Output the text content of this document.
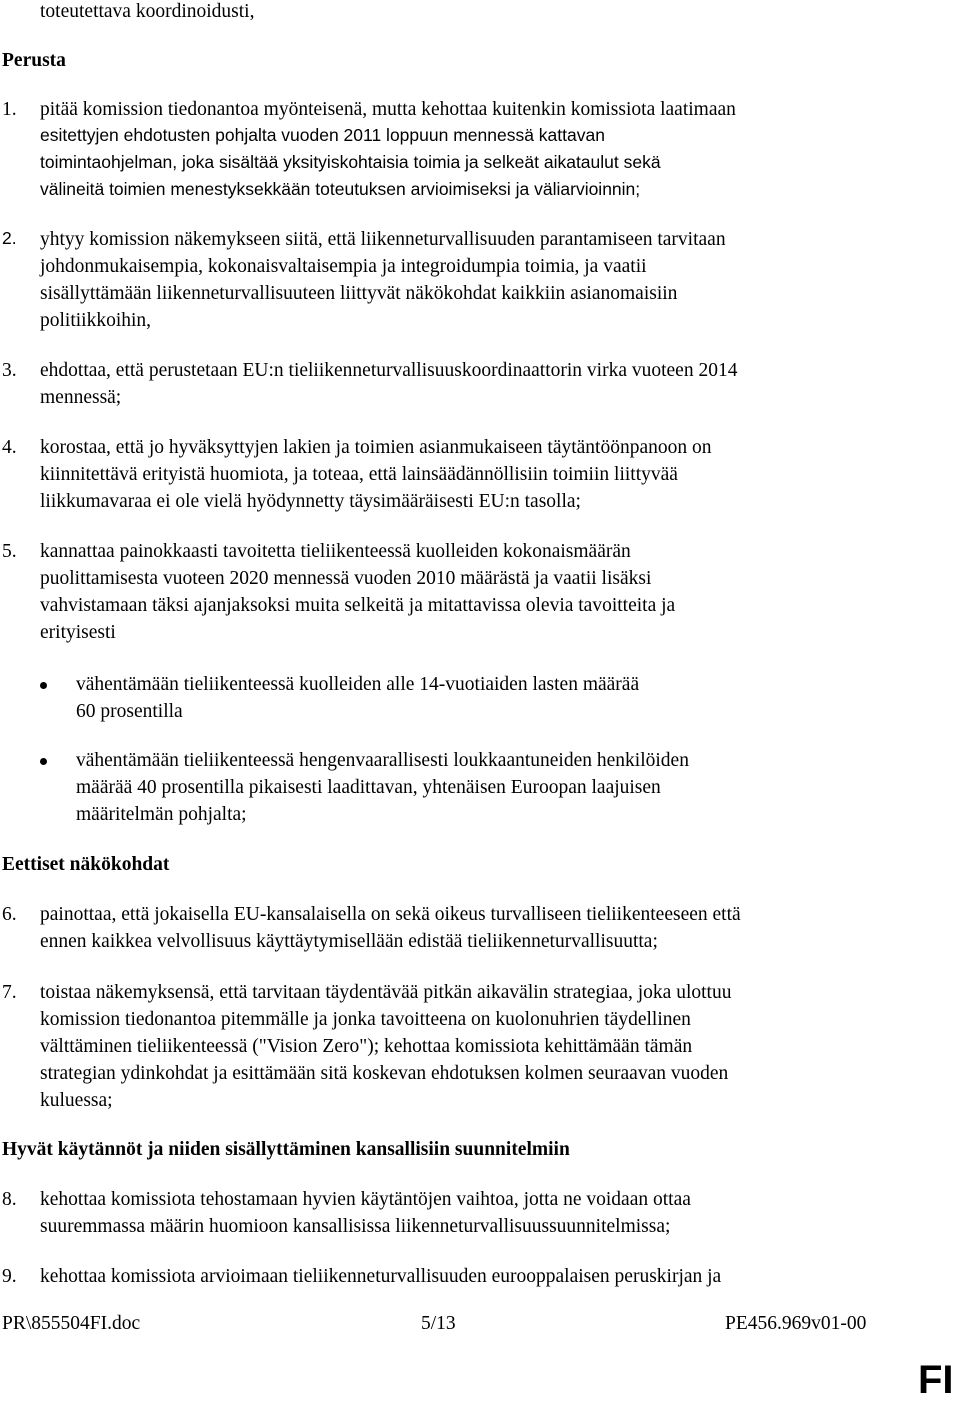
toteutettava koordinoidusti,
Perusta
1. pitää komission tiedonantoa myönteisenä, mutta kehottaa kuitenkin komissiota laatimaan
esitettyjen ehdotusten pohjalta vuoden 2011 loppuun mennessä kattavan
toimintaohjelman, joka sisältää yksityiskohtaisia toimia ja selkeät aikataulut sekä
välineitä toimien menestyksekkään toteutuksen arvioimiseksi ja väliarvioinnin;
2. yhtyy komission näkemykseen siitä, että liikenneturvallisuuden parantamiseen tarvitaan
johdonmukaisempia, kokonaisvaltaisempia ja integroidumpia toimia, ja vaatii
sisällyttämään liikenneturvallisuuteen liittyvät näkökohdat kaikkiin asianomaisiin
politiikkoihin,
3. ehdottaa, että perustetaan EU:n tieliikenneturvallisuuskoordinaattorin virka vuoteen 2014
mennessä;
4. korostaa, että jo hyväksyttyjen lakien ja toimien asianmukaiseen täytäntöönpanoon on
kiinnitettävä erityistä huomiota, ja toteaa, että lainsäädännöllisiin toimiin liittyvää
liikkumavaraa ei ole vielä hyödynnetty täysimääräisesti EU:n tasolla;
5. kannattaa painokkaasti tavoitetta tieliikenteessä kuolleiden kokonaismäärän
puolittamisesta vuoteen 2020 mennessä vuoden 2010 määrästä ja vaatii lisäksi
vahvistamaan täksi ajanjaksoksi muita selkeitä ja mitattavissa olevia tavoitteita ja
erityisesti
vähentämään tieliikenteessä kuolleiden alle 14-vuotiaiden lasten määrää
60 prosentilla
vähentämään tieliikenteessä hengenvaarallisesti loukkaantuneiden henkilöiden
määrää 40 prosentilla pikaisesti laadittavan, yhtenäisen Euroopan laajuisen
määritelmän pohjalta;
Eettiset näkökohdat
6. painottaa, että jokaisella EU-kansalaisella on sekä oikeus turvalliseen tieliikenteeseen että
ennen kaikkea velvollisuus käyttäytymisellään edistää tieliikenneturvallisuutta;
7. toistaa näkemyksensä, että tarvitaan täydentävää pitkän aikavälin strategiaa, joka ulottuu
komission tiedonantoa pitemmälle ja jonka tavoitteena on kuolonuhrien täydellinen
välttäminen tieliikenteessä ("Vision Zero"); kehottaa komissiota kehittämään tämän
strategian ydinkohdat ja esittämään sitä koskevan ehdotuksen kolmen seuraavan vuoden
kuluessa;
Hyvät käytännöt ja niiden sisällyttäminen kansallisiin suunnitelmiin
8. kehottaa komissiota tehostamaan hyvien käytäntöjen vaihtoa, jotta ne voidaan ottaa
suuremmassa määrin huomioon kansallisissa liikenneturvallisuussuunnitelmissa;
9. kehottaa komissiota arvioimaan tieliikenneturvallisuuden eurooppalaisen peruskirjan ja
PR\855504FI.doc	5/13	PE456.969v01-00
FI
